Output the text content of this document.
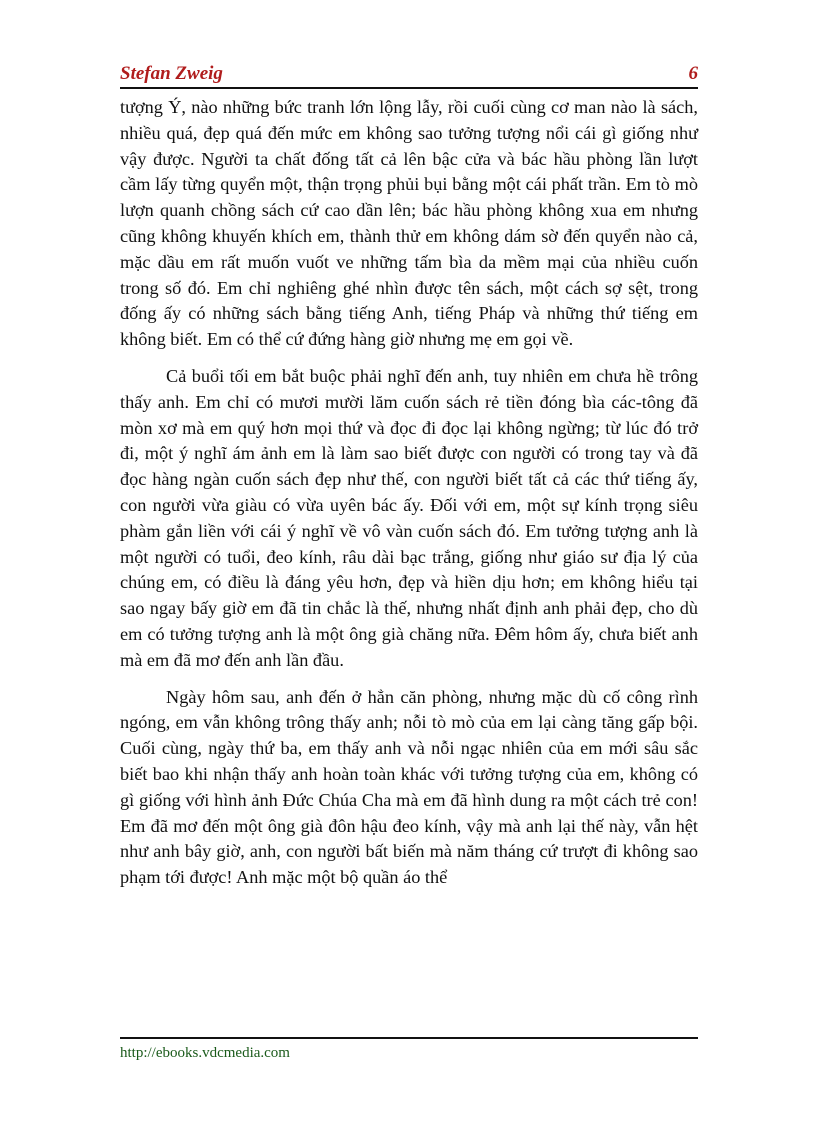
Stefan Zweig	6

tượng Ý, nào những bức tranh lớn lộng lẫy, rồi cuối cùng cơ man nào là sách, nhiều quá, đẹp quá đến mức em không sao tưởng tượng nổi cái gì giống như vậy được. Người ta chất đống tất cả lên bậc cửa và bác hầu phòng lần lượt cầm lấy từng quyển một, thận trọng phủi bụi bằng một cái phất trần. Em tò mò lượn quanh chồng sách cứ cao dần lên; bác hầu phòng không xua em nhưng cũng không khuyến khích em, thành thử em không dám sờ đến quyển nào cả, mặc dầu em rất muốn vuốt ve những tấm bìa da mềm mại của nhiều cuốn trong số đó. Em chỉ nghiêng ghé nhìn được tên sách, một cách sợ sệt, trong đống ấy có những sách bằng tiếng Anh, tiếng Pháp và những thứ tiếng em không biết. Em có thể cứ đứng hàng giờ nhưng mẹ em gọi về.

Cả buổi tối em bắt buộc phải nghĩ đến anh, tuy nhiên em chưa hề trông thấy anh. Em chỉ có mươi mười lăm cuốn sách rẻ tiền đóng bìa các-tông đã mòn xơ mà em quý hơn mọi thứ và đọc đi đọc lại không ngừng; từ lúc đó trở đi, một ý nghĩ ám ảnh em là làm sao biết được con người có trong tay và đã đọc hàng ngàn cuốn sách đẹp như thế, con người biết tất cả các thứ tiếng ấy, con người vừa giàu có vừa uyên bác ấy. Đối với em, một sự kính trọng siêu phàm gắn liền với cái ý nghĩ về vô vàn cuốn sách đó. Em tưởng tượng anh là một người có tuổi, đeo kính, râu dài bạc trắng, giống như giáo sư địa lý của chúng em, có điều là đáng yêu hơn, đẹp và hiền dịu hơn; em không hiểu tại sao ngay bấy giờ em đã tin chắc là thế, nhưng nhất định anh phải đẹp, cho dù em có tưởng tượng anh là một ông già chăng nữa. Đêm hôm ấy, chưa biết anh mà em đã mơ đến anh lần đầu.

Ngày hôm sau, anh đến ở hẳn căn phòng, nhưng mặc dù cố công rình ngóng, em vẫn không trông thấy anh; nỗi tò mò của em lại càng tăng gấp bội. Cuối cùng, ngày thứ ba, em thấy anh và nỗi ngạc nhiên của em mới sâu sắc biết bao khi nhận thấy anh hoàn toàn khác với tưởng tượng của em, không có gì giống với hình ảnh Đức Chúa Cha mà em đã hình dung ra một cách trẻ con! Em đã mơ đến một ông già đôn hậu đeo kính, vậy mà anh lại thế này, vẫn hệt như anh bây giờ, anh, con người bất biến mà năm tháng cứ trượt đi không sao phạm tới được! Anh mặc một bộ quần áo thể

http://ebooks.vdcmedia.com
